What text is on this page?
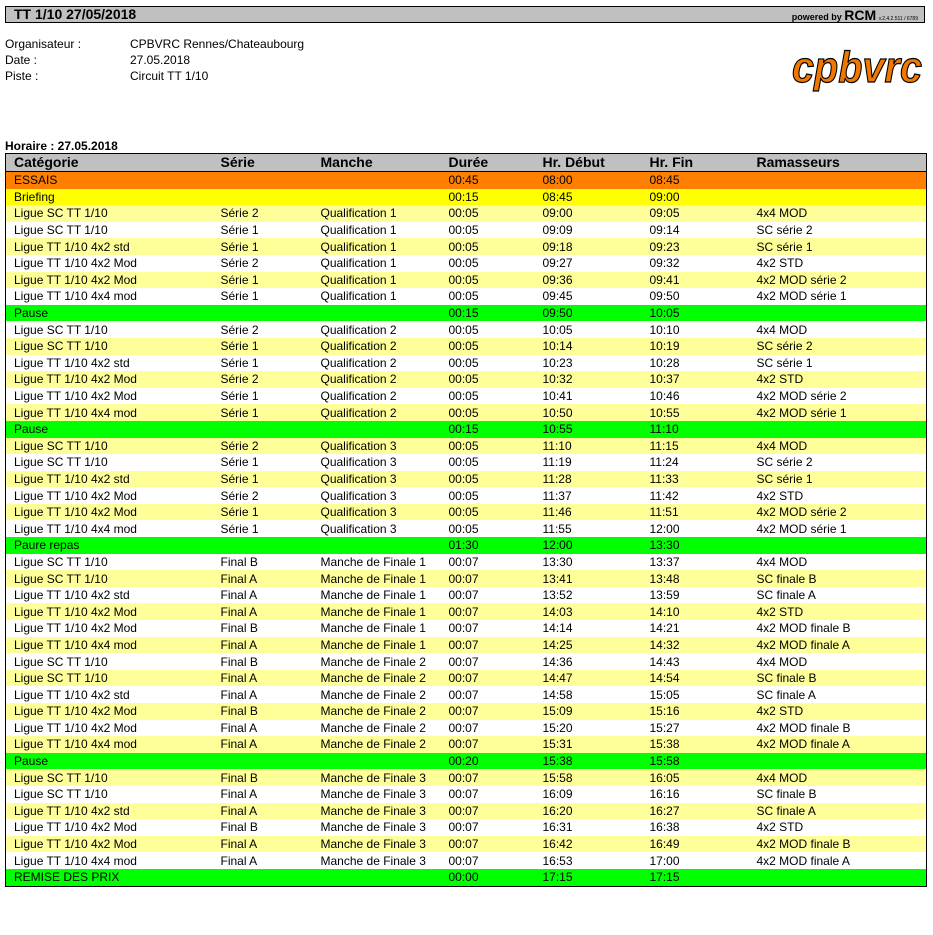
TT 1/10 27/05/2018	powered by RCM v.2.4.2.511 / 6789
Organisateur :	CPBVRC Rennes/Chateaubourg
Date :	27.05.2018
Piste :	Circuit TT 1/10	cpbvrc
Horaire : 27.05.2018
Catégorie	Série	Manche	Durée	Hr. Début	Hr. Fin	Ramasseurs
ESSAIS			00:45	08:00	08:45	
Briefing			00:15	08:45	09:00	
Ligue SC TT 1/10	Série 2	Qualification 1	00:05	09:00	09:05	4x4 MOD
Ligue SC TT 1/10	Série 1	Qualification 1	00:05	09:09	09:14	SC série 2
Ligue TT 1/10 4x2 std	Série 1	Qualification 1	00:05	09:18	09:23	SC série 1
Ligue TT 1/10 4x2 Mod	Série 2	Qualification 1	00:05	09:27	09:32	4x2 STD
Ligue TT 1/10 4x2 Mod	Série 1	Qualification 1	00:05	09:36	09:41	4x2 MOD série 2
Ligue TT 1/10 4x4 mod	Série 1	Qualification 1	00:05	09:45	09:50	4x2 MOD série 1
Pause			00:15	09:50	10:05	
Ligue SC TT 1/10	Série 2	Qualification 2	00:05	10:05	10:10	4x4 MOD
Ligue SC TT 1/10	Série 1	Qualification 2	00:05	10:14	10:19	SC série 2
Ligue TT 1/10 4x2 std	Série 1	Qualification 2	00:05	10:23	10:28	SC série 1
Ligue TT 1/10 4x2 Mod	Série 2	Qualification 2	00:05	10:32	10:37	4x2 STD
Ligue TT 1/10 4x2 Mod	Série 1	Qualification 2	00:05	10:41	10:46	4x2 MOD série 2
Ligue TT 1/10 4x4 mod	Série 1	Qualification 2	00:05	10:50	10:55	4x2 MOD série 1
Pause			00:15	10:55	11:10	
Ligue SC TT 1/10	Série 2	Qualification 3	00:05	11:10	11:15	4x4 MOD
Ligue SC TT 1/10	Série 1	Qualification 3	00:05	11:19	11:24	SC série 2
Ligue TT 1/10 4x2 std	Série 1	Qualification 3	00:05	11:28	11:33	SC série 1
Ligue TT 1/10 4x2 Mod	Série 2	Qualification 3	00:05	11:37	11:42	4x2 STD
Ligue TT 1/10 4x2 Mod	Série 1	Qualification 3	00:05	11:46	11:51	4x2 MOD série 2
Ligue TT 1/10 4x4 mod	Série 1	Qualification 3	00:05	11:55	12:00	4x2 MOD série 1
Paure repas			01:30	12:00	13:30	
Ligue SC TT 1/10	Final B	Manche de Finale 1	00:07	13:30	13:37	4x4 MOD
Ligue SC TT 1/10	Final A	Manche de Finale 1	00:07	13:41	13:48	SC finale B
Ligue TT 1/10 4x2 std	Final A	Manche de Finale 1	00:07	13:52	13:59	SC finale A
Ligue TT 1/10 4x2 Mod	Final A	Manche de Finale 1	00:07	14:03	14:10	4x2 STD
Ligue TT 1/10 4x2 Mod	Final B	Manche de Finale 1	00:07	14:14	14:21	4x2 MOD finale B
Ligue TT 1/10 4x4 mod	Final A	Manche de Finale 1	00:07	14:25	14:32	4x2 MOD finale A
Ligue SC TT 1/10	Final B	Manche de Finale 2	00:07	14:36	14:43	4x4 MOD
Ligue SC TT 1/10	Final A	Manche de Finale 2	00:07	14:47	14:54	SC finale B
Ligue TT 1/10 4x2 std	Final A	Manche de Finale 2	00:07	14:58	15:05	SC finale A
Ligue TT 1/10 4x2 Mod	Final B	Manche de Finale 2	00:07	15:09	15:16	4x2 STD
Ligue TT 1/10 4x2 Mod	Final A	Manche de Finale 2	00:07	15:20	15:27	4x2 MOD finale B
Ligue TT 1/10 4x4 mod	Final A	Manche de Finale 2	00:07	15:31	15:38	4x2 MOD finale A
Pause			00:20	15:38	15:58	
Ligue SC TT 1/10	Final B	Manche de Finale 3	00:07	15:58	16:05	4x4 MOD
Ligue SC TT 1/10	Final A	Manche de Finale 3	00:07	16:09	16:16	SC finale B
Ligue TT 1/10 4x2 std	Final A	Manche de Finale 3	00:07	16:20	16:27	SC finale A
Ligue TT 1/10 4x2 Mod	Final B	Manche de Finale 3	00:07	16:31	16:38	4x2 STD
Ligue TT 1/10 4x2 Mod	Final A	Manche de Finale 3	00:07	16:42	16:49	4x2 MOD finale B
Ligue TT 1/10 4x4 mod	Final A	Manche de Finale 3	00:07	16:53	17:00	4x2 MOD finale A
REMISE DES PRIX			00:00	17:15	17:15	
